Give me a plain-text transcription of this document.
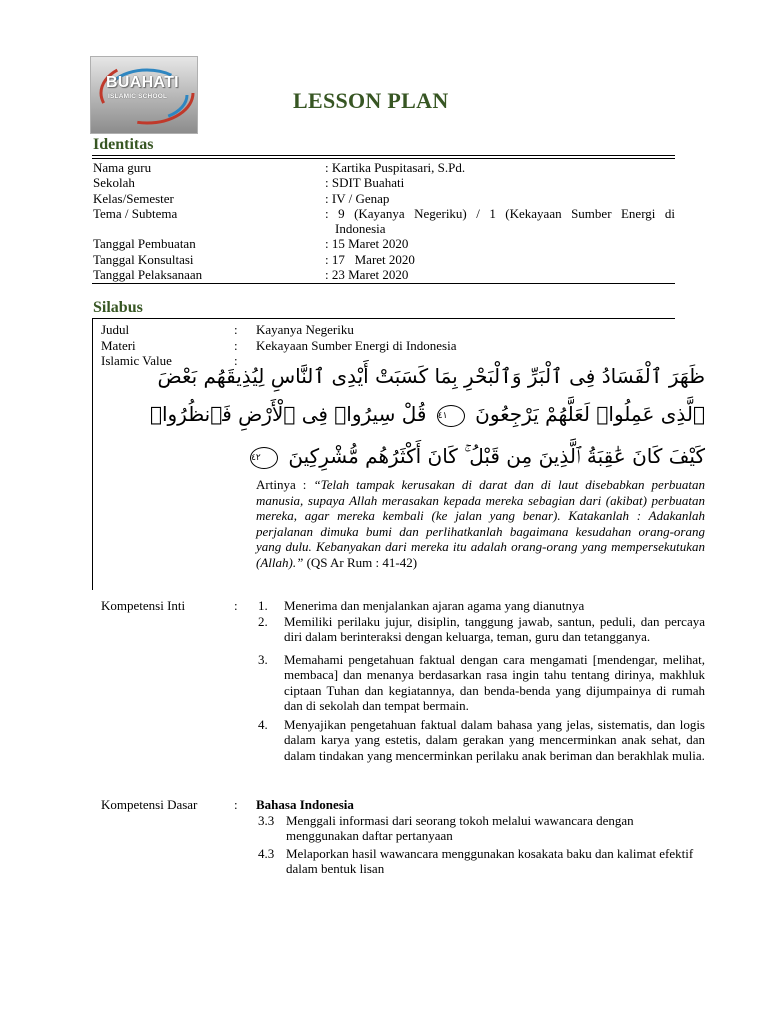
BUAHATI
ISLAMIC SCHOOL	LESSON PLAN
Identitas
Nama guru	: Kartika Puspitasari, S.Pd.
Sekolah	: SDIT Buahati
Kelas/Semester	: IV / Genap
Tema / Subtema	: 9 (Kayanya Negeriku) / 1 (Kekayaan Sumber Energi di
Indonesia
Tanggal Pembuatan	: 15 Maret 2020
Tanggal Konsultasi	: 17   Maret 2020
Tanggal Pelaksanaan	: 23 Maret 2020
Silabus
Judul	: Kayanya Negeriku
Materi	: Kekayaan Sumber Energi di Indonesia
Islamic Value	:
ظَهَرَ ٱلْفَسَادُ فِى ٱلْبَرِّ وَٱلْبَحْرِ بِمَا كَسَبَتْ أَيْدِى ٱلنَّاسِ لِيُذِيقَهُم بَعْضَ
ٱلَّذِى عَمِلُوا۟ لَعَلَّهُمْ يَرْجِعُونَ ٤١ قُلْ سِيرُوا۟ فِى ٱلْأَرْضِ فَٱنظُرُوا۟
كَيْفَ كَانَ عَٰقِبَةُ ٱلَّذِينَ مِن قَبْلُ ۚ كَانَ أَكْثَرُهُم مُّشْرِكِينَ ٤٢
Artinya : “Telah tampak kerusakan di darat dan di laut disebabkan perbuatan manusia, supaya Allah merasakan kepada mereka sebagian dari (akibat) perbuatan mereka, agar mereka kembali (ke jalan yang benar). Katakanlah : Adakanlah perjalanan dimuka bumi dan perlihatkanlah bagaimana kesudahan orang-orang yang dulu. Kebanyakan dari mereka itu adalah orang-orang yang mempersekutukan (Allah).” (QS Ar Rum : 41-42)
Kompetensi Inti	: 1. Menerima dan menjalankan ajaran agama yang dianutnya
2. Memiliki perilaku jujur, disiplin, tanggung jawab, santun, peduli, dan percaya diri dalam berinteraksi dengan keluarga, teman, guru dan tetangganya.
3. Memahami pengetahuan faktual dengan cara mengamati [mendengar, melihat, membaca] dan menanya berdasarkan rasa ingin tahu tentang dirinya, makhluk ciptaan Tuhan dan kegiatannya, dan benda-benda yang dijumpainya di rumah dan di sekolah dan tempat bermain.
4. Menyajikan pengetahuan faktual dalam bahasa yang jelas, sistematis, dan logis dalam karya yang estetis, dalam gerakan yang mencerminkan anak sehat, dan dalam tindakan yang mencerminkan perilaku anak beriman dan berakhlak mulia.
Kompetensi Dasar	: Bahasa Indonesia
3.3 Menggali informasi dari seorang tokoh melalui wawancara dengan menggunakan daftar pertanyaan
4.3 Melaporkan hasil wawancara menggunakan kosakata baku dan kalimat efektif dalam bentuk lisan
